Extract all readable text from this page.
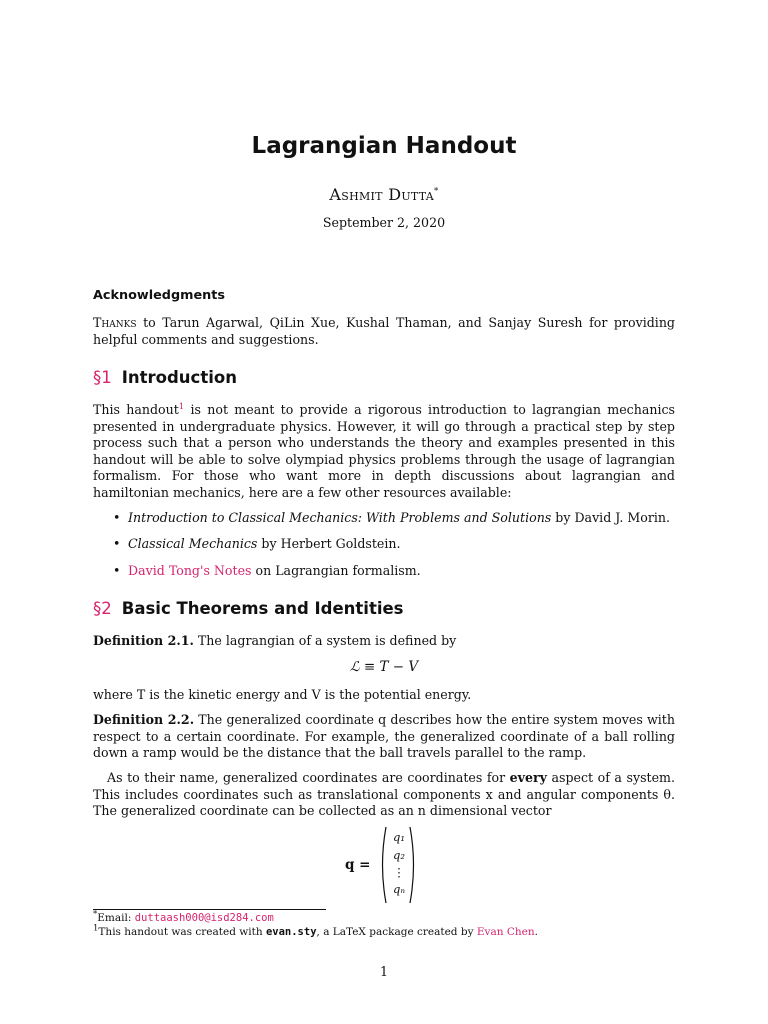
Lagrangian Handout
Ashmit Dutta*
September 2, 2020
Acknowledgments
Thanks to Tarun Agarwal, QiLin Xue, Kushal Thaman, and Sanjay Suresh for providing helpful comments and suggestions.
§1 Introduction
This handout$^1$ is not meant to provide a rigorous introduction to lagrangian mechanics presented in undergraduate physics. However, it will go through a practical step by step process such that a person who understands the theory and examples presented in this handout will be able to solve olympiad physics problems through the usage of lagrangian formalism. For those who want more in depth discussions about lagrangian and hamiltonian mechanics, here are a few other resources available:
• Introduction to Classical Mechanics: With Problems and Solutions by David J. Morin.
• Classical Mechanics by Herbert Goldstein.
• David Tong's Notes on Lagrangian formalism.
§2 Basic Theorems and Identities
Definition 2.1. The lagrangian of a system is defined by
ℒ ≡ T − V
where T is the kinetic energy and V is the potential energy.
Definition 2.2. The generalized coordinate q describes how the entire system moves with respect to a certain coordinate. For example, the generalized coordinate of a ball rolling down a ramp would be the distance that the ball travels parallel to the ramp.
As to their name, generalized coordinates are coordinates for every aspect of a system. This includes coordinates such as translational components x and angular components θ. The generalized coordinate can be collected as an n dimensional vector
q =
q₁
q₂
⋮
qₙ
*Email: duttaash000@isd284.com
$^1$This handout was created with evan.sty, a LaTeX package created by Evan Chen.
1
